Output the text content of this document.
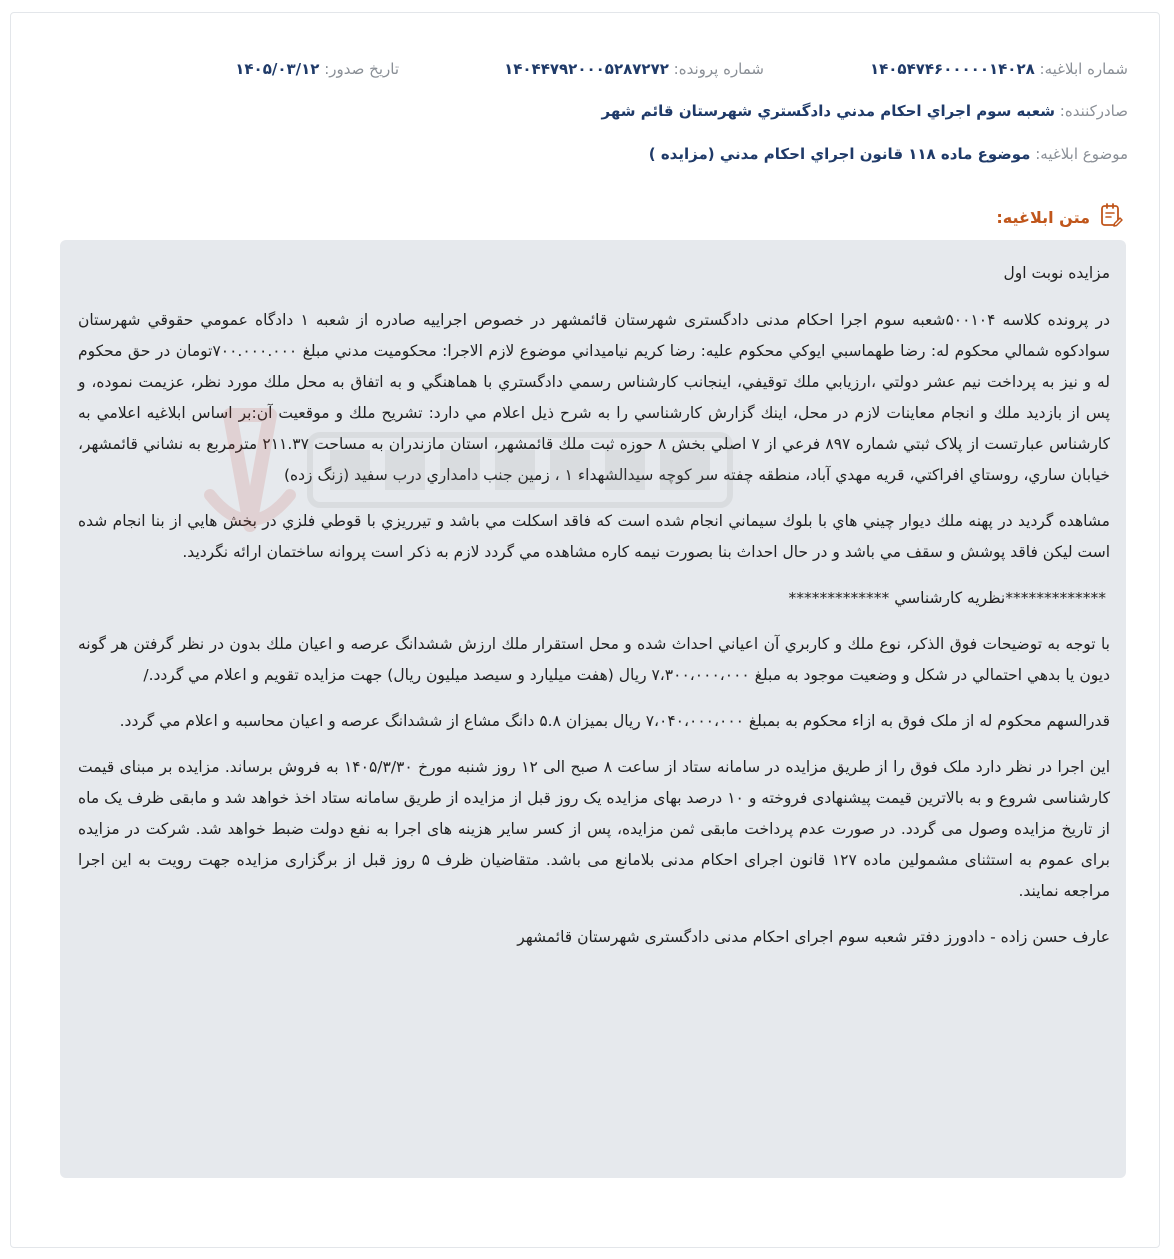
شماره ابلاغیه: ۱۴۰۵۴۷۴۶۰۰۰۰۰۱۴۰۲۸
شماره پرونده: ۱۴۰۴۴۷۹۲۰۰۰۵۲۸۷۲۷۲
تاریخ صدور: ۱۴۰۵/۰۳/۱۲
صادرکننده: شعبه سوم اجراي احکام مدني دادگستري شهرستان قائم شهر
موضوع ابلاغیه: موضوع ماده ۱۱۸ قانون اجراي احکام مدني (مزايده )
متن ابلاغیه:

مزايده نوبت اول

در پرونده کلاسه ۵۰۰۱۰۴شعبه سوم اجرا احکام مدنی دادگستری شهرستان قائمشهر در خصوص اجراييه صادره از شعبه ۱ دادگاه عمومي حقوقي شهرستان سوادکوه شمالي محکوم له: رضا طهماسبي ايوکي محکوم عليه: رضا کريم نياميداني موضوع لازم الاجرا: محکوميت مدني مبلغ ۷۰۰.۰۰۰.۰۰۰تومان در حق محکوم له و نيز به پرداخت نيم عشر دولتي ،ارزيابي ملك توقيفي، اينجانب کارشناس رسمي دادگستري با هماهنگي و به اتفاق به محل ملك مورد نظر، عزيمت نموده، و پس از بازديد ملك و انجام معاينات لازم در محل، اينك گزارش کارشناسي را به شرح ذيل اعلام مي دارد: تشريح ملك و موقعيت آن:بر اساس ابلاغيه اعلامي به کارشناس عبارتست از پلاک ثبتي شماره ۸۹۷ فرعي از ۷ اصلي بخش ۸ حوزه ثبت ملك قائمشهر، استان مازندران به مساحت ۲۱۱.۳۷ مترمربع به نشاني قائمشهر، خيابان ساري، روستاي افراکتي، قريه مهدي آباد، منطقه چفته سر کوچه سيدالشهداء ۱ ، زمين جنب دامداري درب سفيد (زنگ زده)

مشاهده گرديد در پهنه ملك ديوار چيني هاي با بلوك سيماني انجام شده است که فاقد اسکلت مي باشد و تيرريزي با قوطي فلزي در بخش هايي از بنا انجام شده است ليکن فاقد پوشش و سقف مي باشد و در حال احداث بنا بصورت نيمه کاره مشاهده مي گردد لازم به ذکر است پروانه ساختمان ارائه نگرديد.

*************نظريه کارشناسي *************

با توجه به توضيحات فوق الذکر، نوع ملك و کاربري آن اعياني احداث شده و محل استقرار ملك ارزش ششدانگ عرصه و اعيان ملك بدون در نظر گرفتن هر گونه ديون يا بدهي احتمالي در شکل و وضعيت موجود به مبلغ ۷،۳۰۰،۰۰۰،۰۰۰ ريال (هفت ميليارد و سيصد ميليون ريال) جهت مزايده تقويم و اعلام مي گردد./

قدرالسهم محکوم له از ملک فوق به ازاء محکوم به بمبلغ ۷،۰۴۰،۰۰۰،۰۰۰ ريال بميزان ۵.۸ دانگ مشاع از ششدانگ عرصه و اعيان محاسبه و اعلام مي گردد.

اين اجرا در نظر دارد ملک فوق را از طريق مزايده در سامانه ستاد از ساعت ۸ صبح الی ۱۲ روز شنبه مورخ ۱۴۰۵/۳/۳۰ به فروش برساند. مزايده بر مبنای قيمت کارشناسی شروع و به بالاترين قيمت پيشنهادی فروخته و ۱۰ درصد بهای مزايده يک روز قبل از مزايده از طريق سامانه ستاد اخذ خواهد شد و مابقی ظرف يک ماه از تاريخ مزايده وصول می گردد. در صورت عدم پرداخت مابقی ثمن مزايده، پس از کسر ساير هزينه های اجرا به نفع دولت ضبط خواهد شد. شرکت در مزايده برای عموم به استثنای مشمولين ماده ۱۲۷ قانون اجرای احکام مدنی بلامانع می باشد. متقاضيان ظرف ۵ روز قبل از برگزاری مزايده جهت رويت به اين اجرا مراجعه نمايند.

عارف حسن زاده - دادورز دفتر شعبه سوم اجرای احکام مدنی دادگستری شهرستان قائمشهر
